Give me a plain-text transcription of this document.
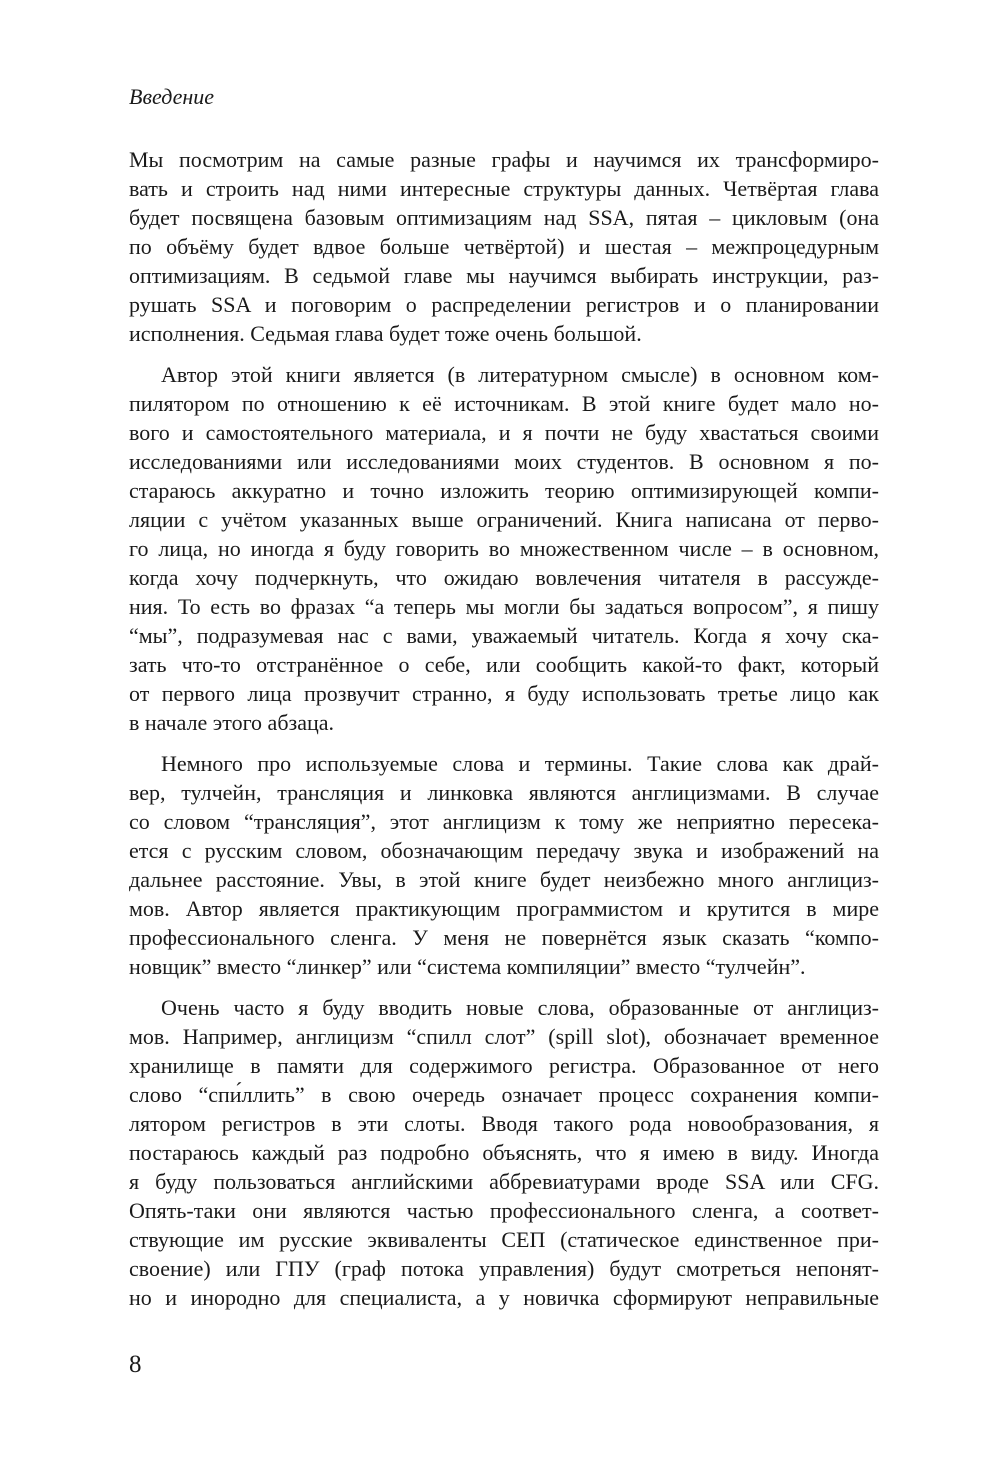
Введение
Мы посмотрим на самые разные графы и научимся их трансформиро-
вать и строить над ними интересные структуры данных. Четвёртая глава
будет посвящена базовым оптимизациям над SSA, пятая – цикловым (она
по объёму будет вдвое больше четвёртой) и шестая – межпроцедурным
оптимизациям. В седьмой главе мы научимся выбирать инструкции, раз-
рушать SSA и поговорим о распределении регистров и о планировании
исполнения. Седьмая глава будет тоже очень большой.
Автор этой книги является (в литературном смысле) в основном ком-
пилятором по отношению к её источникам. В этой книге будет мало но-
вого и самостоятельного материала, и я почти не буду хвастаться своими
исследованиями или исследованиями моих студентов. В основном я по-
стараюсь аккуратно и точно изложить теорию оптимизирующей компи-
ляции с учётом указанных выше ограничений. Книга написана от перво-
го лица, но иногда я буду говорить во множественном числе – в основном,
когда хочу подчеркнуть, что ожидаю вовлечения читателя в рассужде-
ния. То есть во фразах “а теперь мы могли бы задаться вопросом”, я пишу
“мы”, подразумевая нас с вами, уважаемый читатель. Когда я хочу ска-
зать что-то отстранённое о себе, или сообщить какой-то факт, который
от первого лица прозвучит странно, я буду использовать третье лицо как
в начале этого абзаца.
Немного про используемые слова и термины. Такие слова как драй-
вер, тулчейн, трансляция и линковка являются англицизмами. В случае
со словом “трансляция”, этот англицизм к тому же неприятно пересека-
ется с русским словом, обозначающим передачу звука и изображений на
дальнее расстояние. Увы, в этой книге будет неизбежно много англициз-
мов. Автор является практикующим программистом и крутится в мире
профессионального сленга. У меня не повернётся язык сказать “компо-
новщик” вместо “линкер” или “система компиляции” вместо “тулчейн”.
Очень часто я буду вводить новые слова, образованные от англициз-
мов. Например, англицизм “спилл слот” (spill slot), обозначает временное
хранилище в памяти для содержимого регистра. Образованное от него
слово “спи́ллить” в свою очередь означает процесс сохранения компи-
лятором регистров в эти слоты. Вводя такого рода новообразования, я
постараюсь каждый раз подробно объяснять, что я имею в виду. Иногда
я буду пользоваться английскими аббревиатурами вроде SSA или CFG.
Опять-таки они являются частью профессионального сленга, а соответ-
ствующие им русские эквиваленты СЕП (статическое единственное при-
своение) или ГПУ (граф потока управления) будут смотреться непонят-
но и инородно для специалиста, а у новичка сформируют неправильные
8
